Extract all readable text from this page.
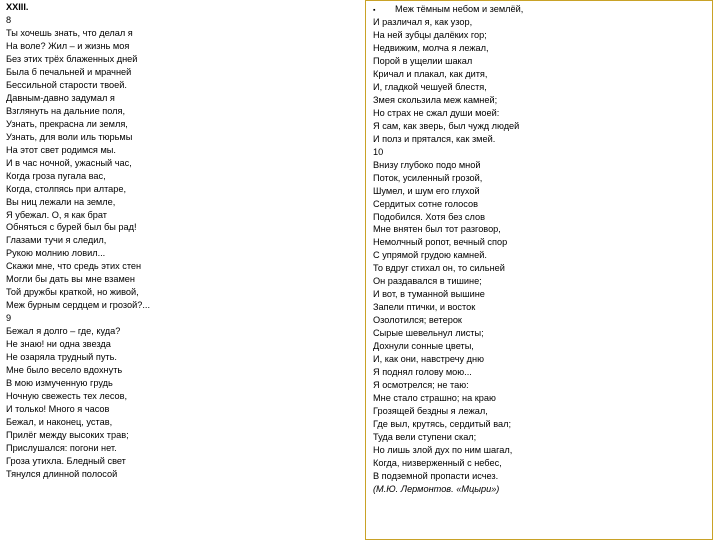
XXIII.
8
Ты хочешь знать, что делал я
На воле? Жил – и жизнь моя
Без этих трёх блаженных дней
Была б печальней и мрачней
Бессильной старости твоей.
Давным-давно задумал я
Взглянуть на дальние поля,
Узнать, прекрасна ли земля,
Узнать, для воли иль тюрьмы
На этот свет родимся мы.
И в час ночной, ужасный час,
Когда гроза пугала вас,
Когда, столпясь при алтаре,
Вы ниц лежали на земле,
Я убежал. О, я как брат
Обняться с бурей был бы рад!
Глазами тучи я следил,
Рукою молнию ловил...
Скажи мне, что средь этих стен
Могли бы дать вы мне взамен
Той дружбы краткой, но живой,
Меж бурным сердцем и грозой?...
9
Бежал я долго – где, куда?
Не знаю! ни одна звезда
Не озаряла трудный путь.
Мне было весело вдохнуть
В мою измученную грудь
Ночную свежесть тех лесов,
И только! Много я часов
Бежал, и наконец, устав,
Прилёг между высоких трав;
Прислушался: погони нет.
Гроза утихла. Бледный свет
Тянулся длинной полосой
▪ Меж тёмным небом и землёй,
И различал я, как узор,
На ней зубцы далёких гор;
Недвижим, молча я лежал,
Порой в ущелии шакал
Кричал и плакал, как дитя,
И, гладкой чешуей блестя,
Змея скользила меж камней;
Но страх не сжал души моей:
Я сам, как зверь, был чужд людей
И полз и прятался, как змей.
10
Внизу глубоко подо мной
Поток, усиленный грозой,
Шумел, и шум его глухой
Сердитых сотне голосов
Подобился. Хотя без слов
Мне внятен был тот разговор,
Немолчный ропот, вечный спор
С упрямой грудою камней.
То вдруг стихал он, то сильней
Он раздавался в тишине;
И вот, в туманной вышине
Запели птички, и восток
Озолотился; ветерок
Сырые шевельнул листы;
Дохнули сонные цветы,
И, как они, навстречу дню
Я поднял голову мою...
Я осмотрелся; не таю:
Мне стало страшно; на краю
Грозящей бездны я лежал,
Где выл, крутясь, сердитый вал;
Туда вели ступени скал;
Но лишь злой дух по ним шагал,
Когда, низверженный с небес,
В подземной пропасти исчез.
(М.Ю. Лермонтов. «Мцыри»)
